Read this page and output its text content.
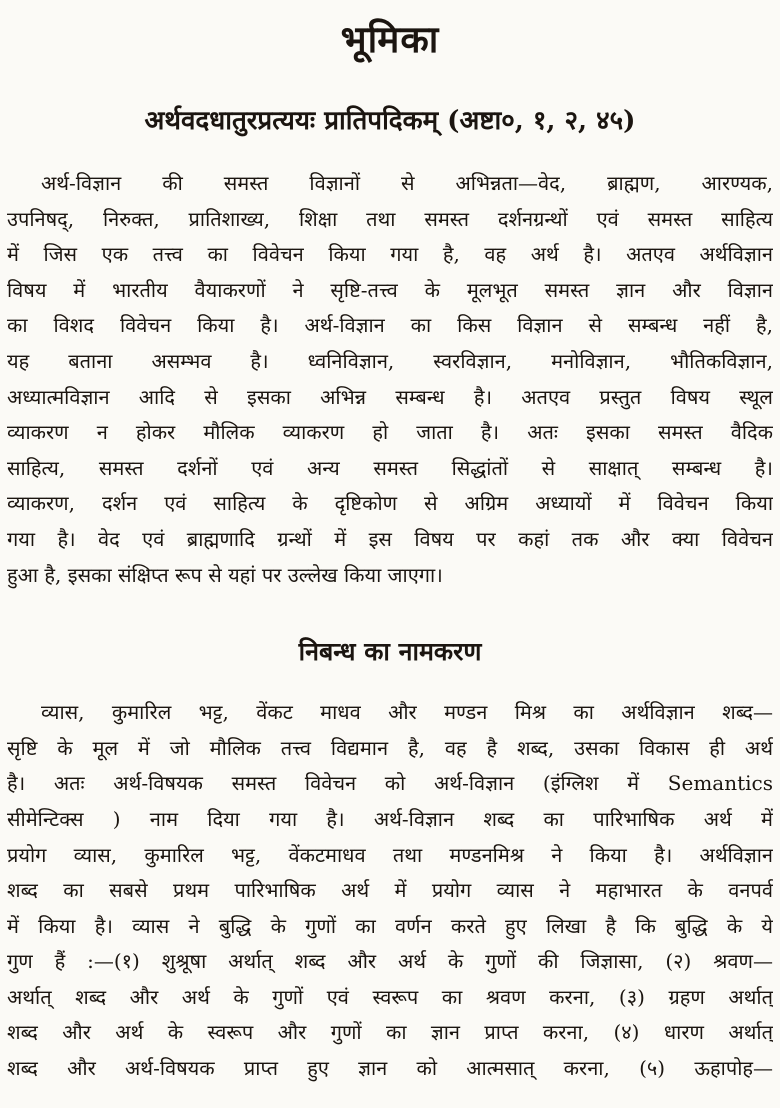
भूमिका
अर्थवदधातुरप्रत्ययः प्रातिपदिकम् (अष्टा०, १, २, ४५)
अर्थ-विज्ञान की समस्त विज्ञानों से अभिन्नता—वेद, ब्राह्मण, आरण्यक,
उपनिषद्, निरुक्त, प्रातिशाख्य, शिक्षा तथा समस्त दर्शनग्रन्थों एवं समस्त साहित्य
में जिस एक तत्त्व का विवेचन किया गया है, वह अर्थ है। अतएव अर्थविज्ञान
विषय में भारतीय वैयाकरणों ने सृष्टि-तत्त्व के मूलभूत समस्त ज्ञान और विज्ञान
का विशद विवेचन किया है। अर्थ-विज्ञान का किस विज्ञान से सम्बन्ध नहीं है,
यह बताना असम्भव है। ध्वनिविज्ञान, स्वरविज्ञान, मनोविज्ञान, भौतिकविज्ञान,
अध्यात्मविज्ञान आदि से इसका अभिन्न सम्बन्ध है। अतएव प्रस्तुत विषय स्थूल
व्याकरण न होकर मौलिक व्याकरण हो जाता है। अतः इसका समस्त वैदिक
साहित्य, समस्त दर्शनों एवं अन्य समस्त सिद्धांतों से साक्षात् सम्बन्ध है।
व्याकरण, दर्शन एवं साहित्य के दृष्टिकोण से अग्रिम अध्यायों में विवेचन किया
गया है। वेद एवं ब्राह्मणादि ग्रन्थों में इस विषय पर कहां तक और क्या विवेचन
हुआ है, इसका संक्षिप्त रूप से यहां पर उल्लेख किया जाएगा।
निबन्ध का नामकरण
व्यास, कुमारिल भट्ट, वेंकट माधव और मण्डन मिश्र का अर्थविज्ञान शब्द—
सृष्टि के मूल में जो मौलिक तत्त्व विद्यमान है, वह है शब्द, उसका विकास ही अर्थ
है। अतः अर्थ-विषयक समस्त विवेचन को अर्थ-विज्ञान (इंग्लिश में Semantics
सीमेन्टिक्स ) नाम दिया गया है। अर्थ-विज्ञान शब्द का पारिभाषिक अर्थ में
प्रयोग व्यास, कुमारिल भट्ट, वेंकटमाधव तथा मण्डनमिश्र ने किया है। अर्थविज्ञान
शब्द का सबसे प्रथम पारिभाषिक अर्थ में प्रयोग व्यास ने महाभारत के वनपर्व
में किया है। व्यास ने बुद्धि के गुणों का वर्णन करते हुए लिखा है कि बुद्धि के ये
गुण हैं :—(१) शुश्रूषा अर्थात् शब्द और अर्थ के गुणों की जिज्ञासा, (२) श्रवण—
अर्थात् शब्द और अर्थ के गुणों एवं स्वरूप का श्रवण करना, (३) ग्रहण अर्थात्
शब्द और अर्थ के स्वरूप और गुणों का ज्ञान प्राप्त करना, (४) धारण अर्थात्
शब्द और अर्थ-विषयक प्राप्त हुए ज्ञान को आत्मसात् करना, (५) ऊहापोह—
